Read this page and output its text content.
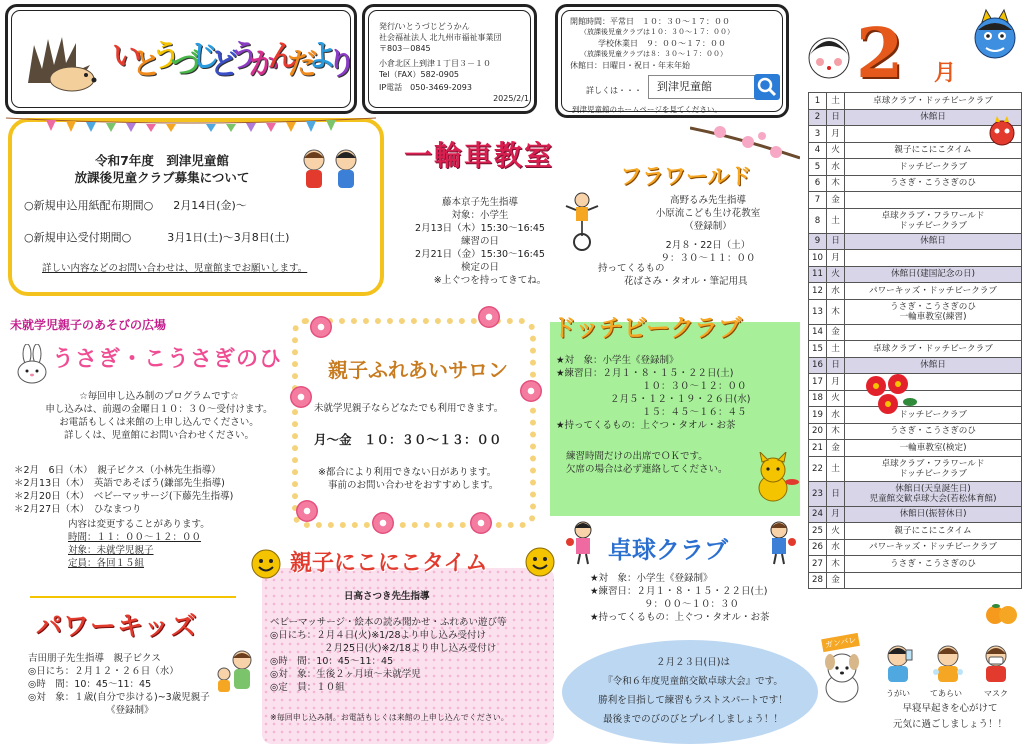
い
と
う
づ
じ
ど
う
か
ん
だ
よ
り
発行/いとうづじどうかん
社会福祉法人 北九州市福祉事業団
〒803－0845
小倉北区上到津１丁目３－１０
Tel（FAX）582-0905
IP電話　050-3469-2093
2025/2/1
開館時間：平常日　１０：３０～１７：００
（放課後児童クラブは１０：３０～１７：００）
学校休業日　９：００～１７：００
（放課後児童クラブは８：３０～１７：００）
休館日：日曜日・祝日・年末年始
詳しくは・・・	到津児童館
到津児童館のホームページを見てください。
2 月
1	土	卓球クラブ・ドッチビークラブ
2	日	休館日
3	月	
4	火	親子にこにこタイム
5	水	ドッチビークラブ
6	木	うさぎ・こうさぎのひ
7	金	
8	土	卓球クラブ・フラワールド
ドッチビークラブ
9	日	休館日
10	月	
11	火	休館日(建国記念の日)
12	水	パワーキッズ・ドッチビークラブ
13	木	うさぎ・こうさぎのひ
一輪車教室(練習)
14	金	
15	土	卓球クラブ・ドッチビークラブ
16	日	休館日
17	月	
18	火	
19	水	ドッチビークラブ
20	木	うさぎ・こうさぎのひ
21	金	一輪車教室(検定)
22	土	卓球クラブ・フラワールド
ドッチビークラブ
23	日	休館日(天皇誕生日)
児童館交歓卓球大会(若松体育館)
24	月	休館日(振替休日)
25	火	親子にこにこタイム
26	水	パワーキッズ・ドッチビークラブ
27	木	うさぎ・こうさぎのひ
28	金	
令和7年度　到津児童館
放課後児童クラブ募集について
○新規申込用紙配布期間○ 2月14日(金)～
○新規申込受付期間○	3月1日(土)～3月8日(土)
詳しい内容などのお問い合わせは、児童館までお願いします。
一輪車教室
藤本京子先生指導
対象：小学生
2月13日（木）15:30～16:45
練習の日
2月21日（金）15:30～16:45
検定の日
※上ぐつを持ってきてね。
フラワールド
高野るみ先生指導
小原流こども生け花教室
（登録制）
2月８・22日（土）
９：３０～１１：００
持ってくるもの
花ばさみ・タオル・筆記用具
未就学児親子のあそびの広場
うさぎ・こうさぎのひ
☆毎回申し込み制のプログラムです☆
申し込みは、前週の金曜日１０：３０～受付けます。
お電話もしくは来館の上申し込んでください。
詳しくは、児童館にお問い合わせください。
＊2月　6日（木）　親子ビクス（小林先生指導）
＊2月13日（木）　英語であそぼう(鎌部先生指導)
＊2月20日（木）　ベビーマッサージ(下藤先生指導)
＊2月27日（木）　ひなまつり
内容は変更することがあります。
時間：１１：００～１２：００
対象：未就学児親子
定員：各回１５組
親子ふれあいサロン
未就学児親子ならどなたでも利用できます。
月～金　１０：３０～１３：００
※都合により利用できない日があります。
事前のお問い合わせをおすすめします。
ドッチビークラブ
★対　象：小学生《登録制》
★練習日：２月１・８・１５・２２日(土)
１０：３０～１２：００
２月５・１２・１９・２６日(水)
１５：４５～１６：４５
★持ってくるもの：上ぐつ・タオル・お茶
練習時間だけの出席でＯＫです。
欠席の場合は必ず連絡してください。
親子にこにこタイム
日高さつき先生指導
ベビーマッサージ・絵本の読み聞かせ・ふれあい遊び等
◎日にち：２月４日(火)※1/28より申し込み受付け
２月25日(火)※2/18より申し込み受付け
◎時　間：10：45～11：45
◎対　象：生後２ヶ月頃～未就学児
◎定　員：１０組
※毎回申し込み制。お電話もしくは来館の上申し込んでください。
パワーキッズ
吉田朋子先生指導　親子ビクス
◎日にち：２月１２・２６日（水）
◎時　間：10：45～11：45
◎対　象：１歳(自分で歩ける)~3歳児親子
《登録制》
卓球クラブ
★対　象：小学生《登録制》
★練習日：２月１・８・１５・２２日(土)
９：００～１０：３０
★持ってくるもの：上ぐつ・タオル・お茶
２月２３日(日)は
『令和６年度児童館交歓卓球大会』です。
勝利を目指して練習もラストスパートです！
最後までのびのびとプレイしましょう！！
ガンバレ
うがい	てあらい	マスク
早寝早起きを心がけて
元気に過ごしましょう！！
